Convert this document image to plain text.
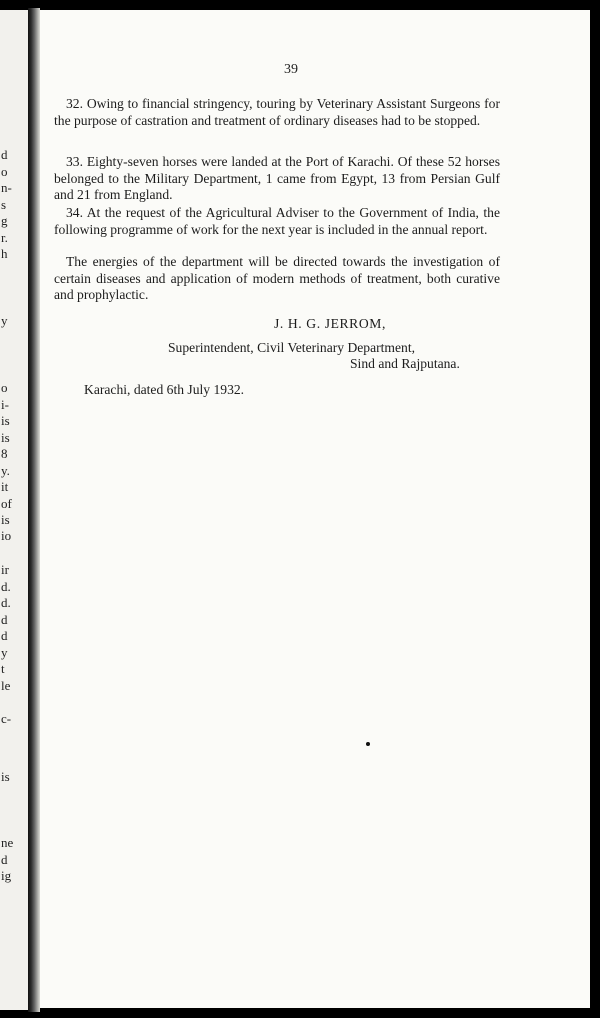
d
o
n-
s
g
r.
h
y
o
i-
is
is
8
y.
it
of
is
io
ir
d.
d.
d
d
y
t
le
c-
is
ne
d
ig
39

32. Owing to financial stringency, touring by Veterinary Assistant Surgeons for the purpose of castration and treatment of ordinary diseases had to be stopped.

33. Eighty-seven horses were landed at the Port of Karachi. Of these 52 horses belonged to the Military Department, 1 came from Egypt, 13 from Persian Gulf and 21 from England.

34. At the request of the Agricultural Adviser to the Government of India, the following programme of work for the next year is included in the annual report.

The energies of the department will be directed towards the investigation of certain diseases and application of modern methods of treatment, both curative and prophylactic.

J. H. G. JERROM,
Superintendent, Civil Veterinary Department,
Sind and Rajputana.
Karachi, dated 6th July 1932.
